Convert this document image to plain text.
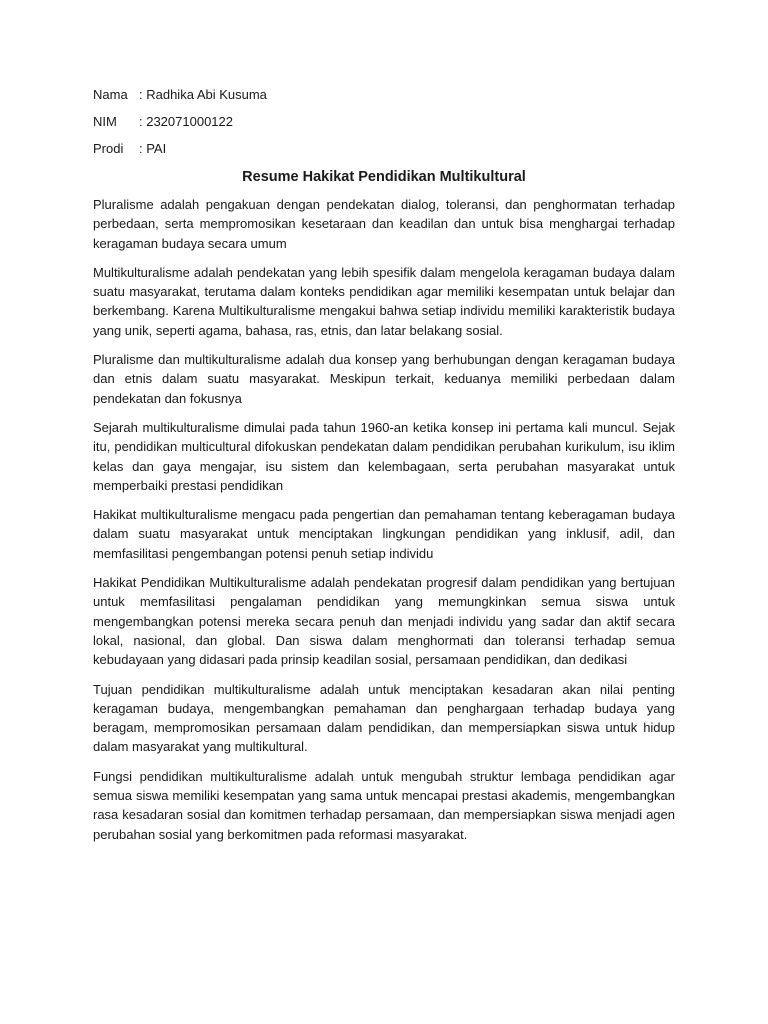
Nama : Radhika Abi Kusuma
NIM	: 232071000122
Prodi	: PAI
Resume Hakikat Pendidikan Multikultural

Pluralisme adalah pengakuan dengan pendekatan dialog, toleransi, dan penghormatan terhadap perbedaan, serta mempromosikan kesetaraan dan keadilan dan untuk bisa menghargai terhadap keragaman budaya secara umum

Multikulturalisme adalah pendekatan yang lebih spesifik dalam mengelola keragaman budaya dalam suatu masyarakat, terutama dalam konteks pendidikan agar memiliki kesempatan untuk belajar dan berkembang. Karena Multikulturalisme mengakui bahwa setiap individu memiliki karakteristik budaya yang unik, seperti agama, bahasa, ras, etnis, dan latar belakang sosial.

Pluralisme dan multikulturalisme adalah dua konsep yang berhubungan dengan keragaman budaya dan etnis dalam suatu masyarakat. Meskipun terkait, keduanya memiliki perbedaan dalam pendekatan dan fokusnya

Sejarah multikulturalisme dimulai pada tahun 1960-an ketika konsep ini pertama kali muncul. Sejak itu, pendidikan multicultural difokuskan pendekatan dalam pendidikan perubahan kurikulum, isu iklim kelas dan gaya mengajar, isu sistem dan kelembagaan, serta perubahan masyarakat untuk memperbaiki prestasi pendidikan

Hakikat multikulturalisme mengacu pada pengertian dan pemahaman tentang keberagaman budaya dalam suatu masyarakat untuk menciptakan lingkungan pendidikan yang inklusif, adil, dan memfasilitasi pengembangan potensi penuh setiap individu

Hakikat Pendidikan Multikulturalisme adalah pendekatan progresif dalam pendidikan yang bertujuan untuk memfasilitasi pengalaman pendidikan yang memungkinkan semua siswa untuk mengembangkan potensi mereka secara penuh dan menjadi individu yang sadar dan aktif secara lokal, nasional, dan global. Dan siswa dalam menghormati dan toleransi terhadap semua kebudayaan yang didasari pada prinsip keadilan sosial, persamaan pendidikan, dan dedikasi

Tujuan pendidikan multikulturalisme adalah untuk menciptakan kesadaran akan nilai penting keragaman budaya, mengembangkan pemahaman dan penghargaan terhadap budaya yang beragam, mempromosikan persamaan dalam pendidikan, dan mempersiapkan siswa untuk hidup dalam masyarakat yang multikultural.

Fungsi pendidikan multikulturalisme adalah untuk mengubah struktur lembaga pendidikan agar semua siswa memiliki kesempatan yang sama untuk mencapai prestasi akademis, mengembangkan rasa kesadaran sosial dan komitmen terhadap persamaan, dan mempersiapkan siswa menjadi agen perubahan sosial yang berkomitmen pada reformasi masyarakat.
